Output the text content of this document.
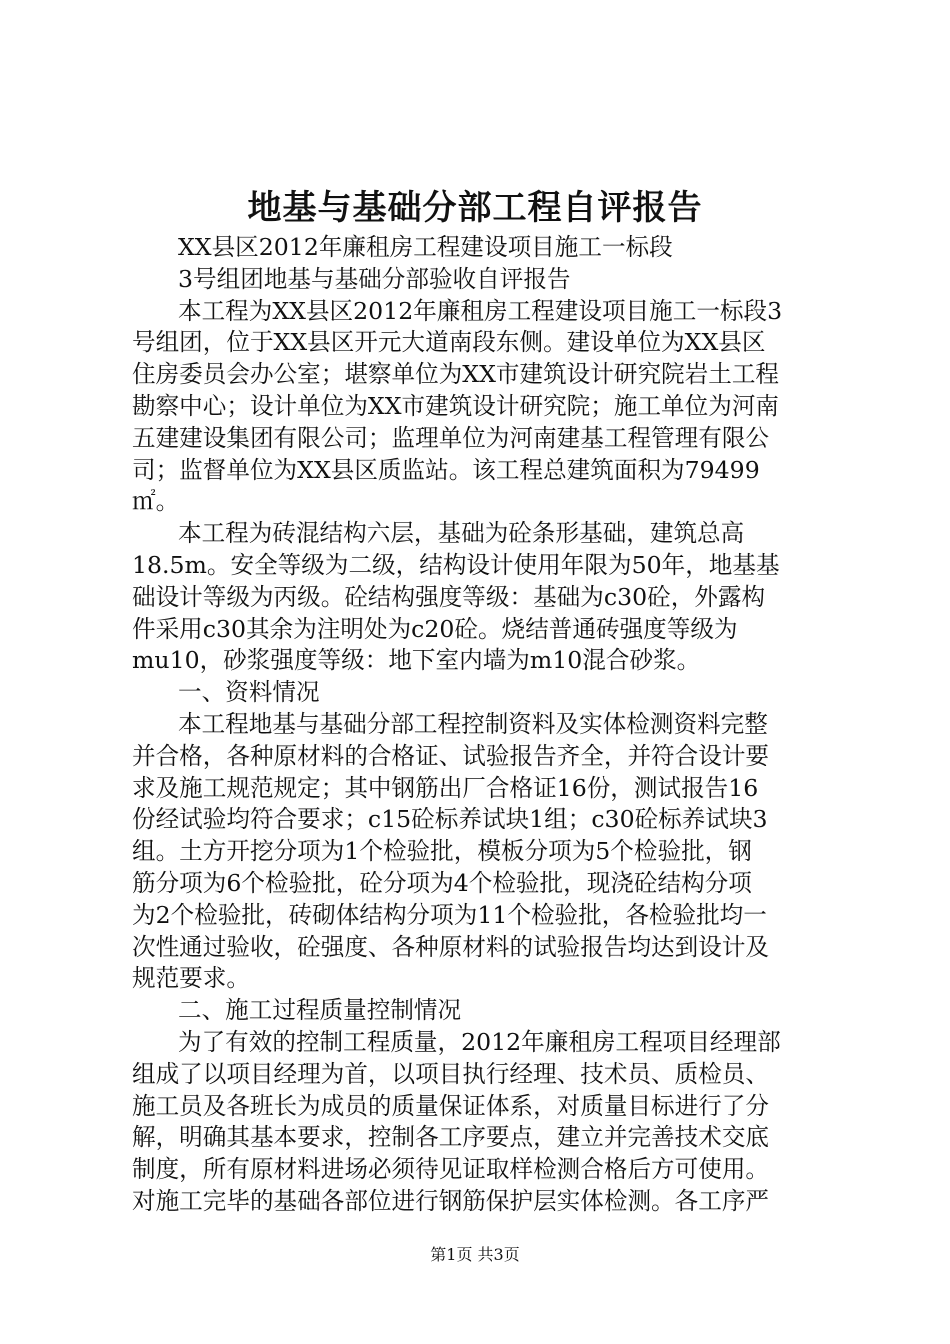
地基与基础分部工程自评报告
XX县区2012年廉租房工程建设项目施工一标段
3号组团地基与基础分部验收自评报告
本工程为XX县区2012年廉租房工程建设项目施工一标段3
号组团，位于XX县区开元大道南段东侧。建设单位为XX县区
住房委员会办公室；堪察单位为XX市建筑设计研究院岩土工程
勘察中心；设计单位为XX市建筑设计研究院；施工单位为河南
五建建设集团有限公司；监理单位为河南建基工程管理有限公
司；监督单位为XX县区质监站。该工程总建筑面积为79499
㎡。
本工程为砖混结构六层，基础为砼条形基础，建筑总高
18.5m。安全等级为二级，结构设计使用年限为50年，地基基
础设计等级为丙级。砼结构强度等级：基础为c30砼，外露构
件采用c30其余为注明处为c20砼。烧结普通砖强度等级为
mu10，砂浆强度等级：地下室内墙为m10混合砂浆。
一、资料情况
本工程地基与基础分部工程控制资料及实体检测资料完整
并合格，各种原材料的合格证、试验报告齐全，并符合设计要
求及施工规范规定；其中钢筋出厂合格证16份，测试报告16
份经试验均符合要求；c15砼标养试块1组；c30砼标养试块3
组。土方开挖分项为1个检验批，模板分项为5个检验批，钢
筋分项为6个检验批，砼分项为4个检验批，现浇砼结构分项
为2个检验批，砖砌体结构分项为11个检验批，各检验批均一
次性通过验收，砼强度、各种原材料的试验报告均达到设计及
规范要求。
二、施工过程质量控制情况
为了有效的控制工程质量，2012年廉租房工程项目经理部
组成了以项目经理为首，以项目执行经理、技术员、质检员、
施工员及各班长为成员的质量保证体系，对质量目标进行了分
解，明确其基本要求，控制各工序要点，建立并完善技术交底
制度，所有原材料进场必须待见证取样检测合格后方可使用。
对施工完毕的基础各部位进行钢筋保护层实体检测。各工序严
第1页 共3页
